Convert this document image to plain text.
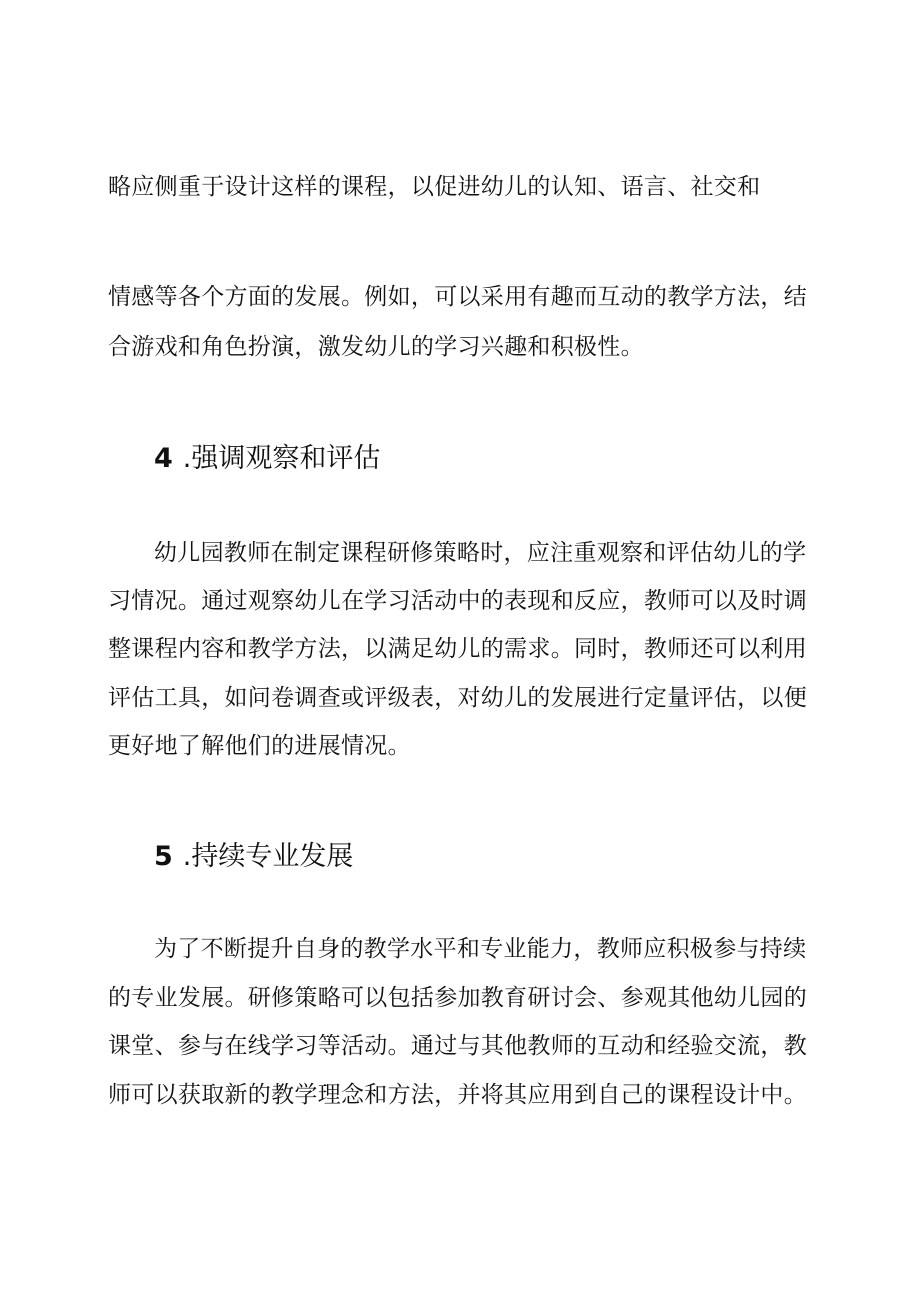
略应侧重于设计这样的课程，以促进幼儿的认知、语言、社交和
情感等各个方面的发展。例如，可以采用有趣而互动的教学方法，结
合游戏和角色扮演，激发幼儿的学习兴趣和积极性。
4 .强调观察和评估
幼儿园教师在制定课程研修策略时，应注重观察和评估幼儿的学
习情况。通过观察幼儿在学习活动中的表现和反应，教师可以及时调
整课程内容和教学方法，以满足幼儿的需求。同时，教师还可以利用
评估工具，如问卷调查或评级表，对幼儿的发展进行定量评估，以便
更好地了解他们的进展情况。
5 .持续专业发展
为了不断提升自身的教学水平和专业能力，教师应积极参与持续
的专业发展。研修策略可以包括参加教育研讨会、参观其他幼儿园的
课堂、参与在线学习等活动。通过与其他教师的互动和经验交流，教
师可以获取新的教学理念和方法，并将其应用到自己的课程设计中。
